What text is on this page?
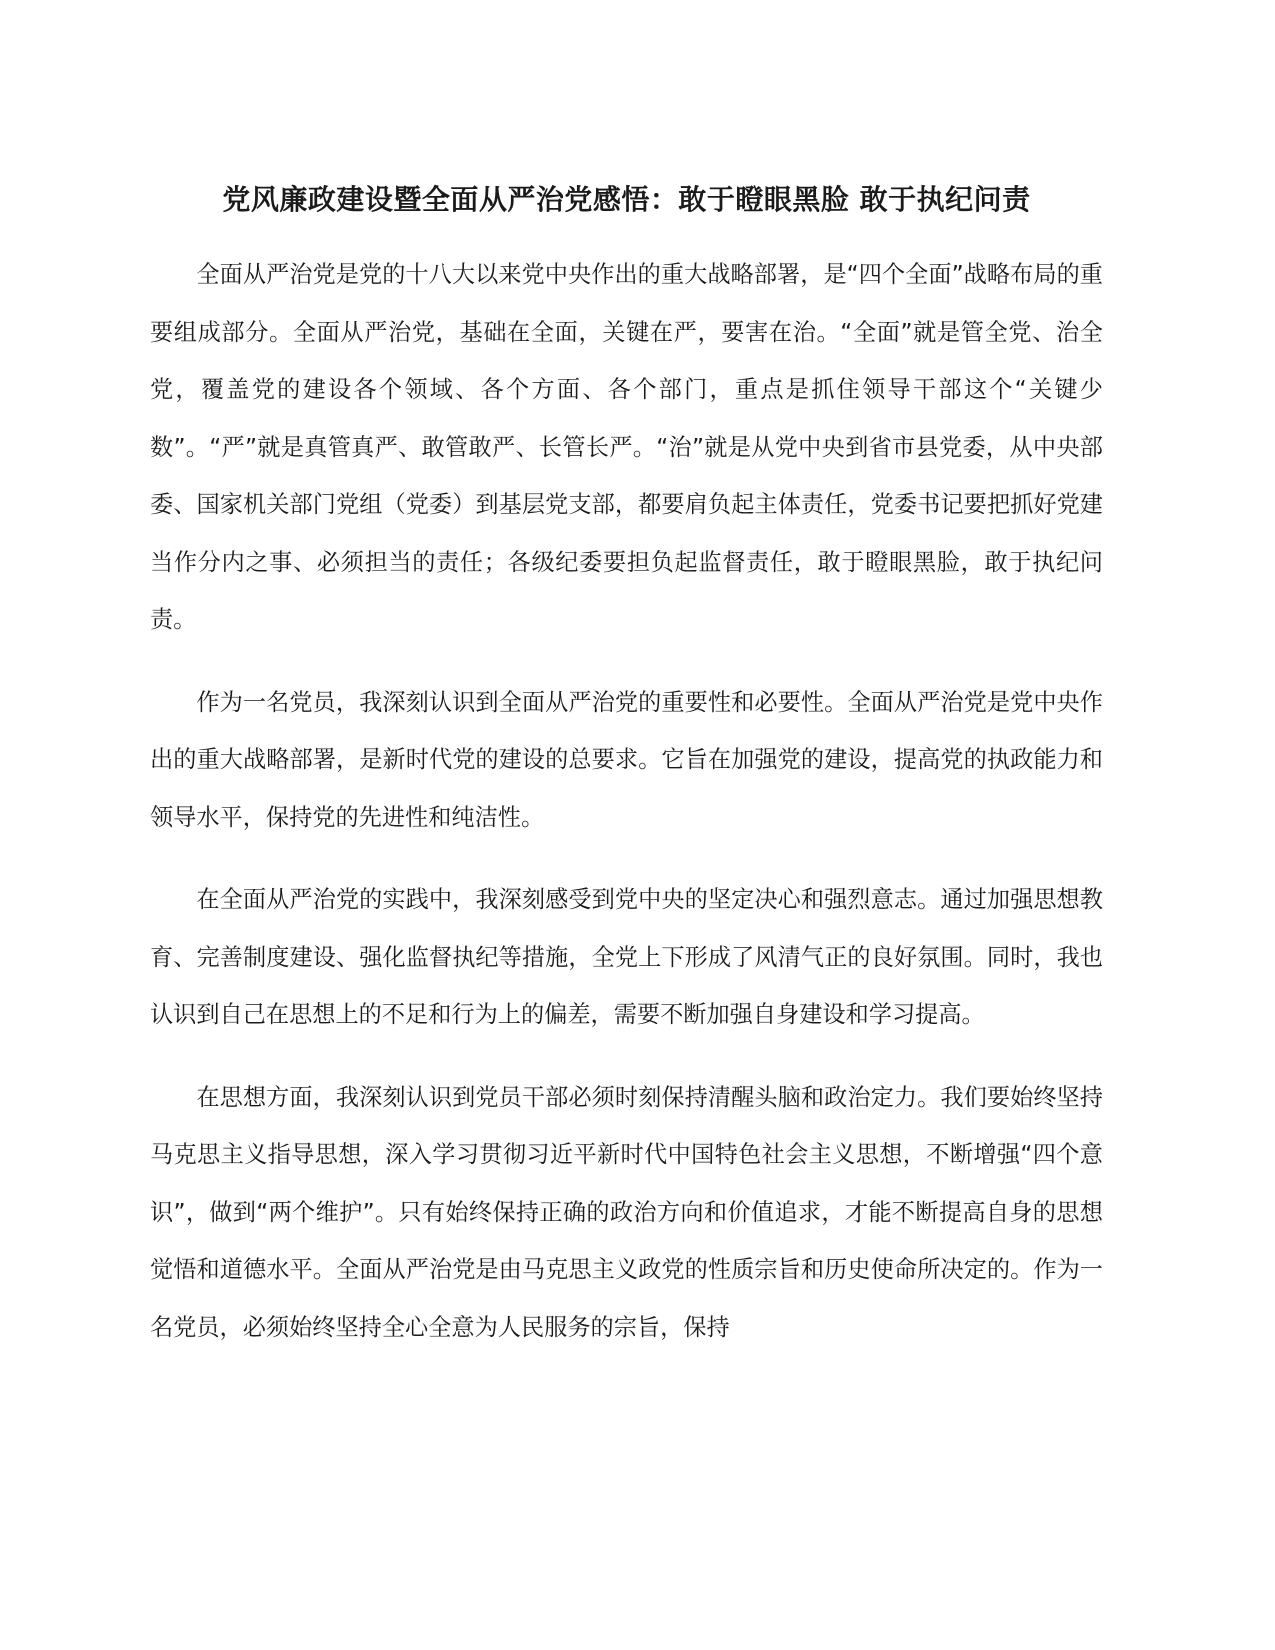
党风廉政建设暨全面从严治党感悟：敢于瞪眼黑脸 敢于执纪问责

全面从严治党是党的十八大以来党中央作出的重大战略部署，是“四个全面”战略布局的重要组成部分。全面从严治党，基础在全面，关键在严，要害在治。“全面”就是管全党、治全党，覆盖党的建设各个领域、各个方面、各个部门，重点是抓住领导干部这个“关键少数”。“严”就是真管真严、敢管敢严、长管长严。“治”就是从党中央到省市县党委，从中央部委、国家机关部门党组（党委）到基层党支部，都要肩负起主体责任，党委书记要把抓好党建当作分内之事、必须担当的责任；各级纪委要担负起监督责任，敢于瞪眼黑脸，敢于执纪问责。

作为一名党员，我深刻认识到全面从严治党的重要性和必要性。全面从严治党是党中央作出的重大战略部署，是新时代党的建设的总要求。它旨在加强党的建设，提高党的执政能力和领导水平，保持党的先进性和纯洁性。

在全面从严治党的实践中，我深刻感受到党中央的坚定决心和强烈意志。通过加强思想教育、完善制度建设、强化监督执纪等措施，全党上下形成了风清气正的良好氛围。同时，我也认识到自己在思想上的不足和行为上的偏差，需要不断加强自身建设和学习提高。

在思想方面，我深刻认识到党员干部必须时刻保持清醒头脑和政治定力。我们要始终坚持马克思主义指导思想，深入学习贯彻习近平新时代中国特色社会主义思想，不断增强“四个意识”，做到“两个维护”。只有始终保持正确的政治方向和价值追求，才能不断提高自身的思想觉悟和道德水平。全面从严治党是由马克思主义政党的性质宗旨和历史使命所决定的。作为一名党员，必须始终坚持全心全意为人民服务的宗旨，保持
